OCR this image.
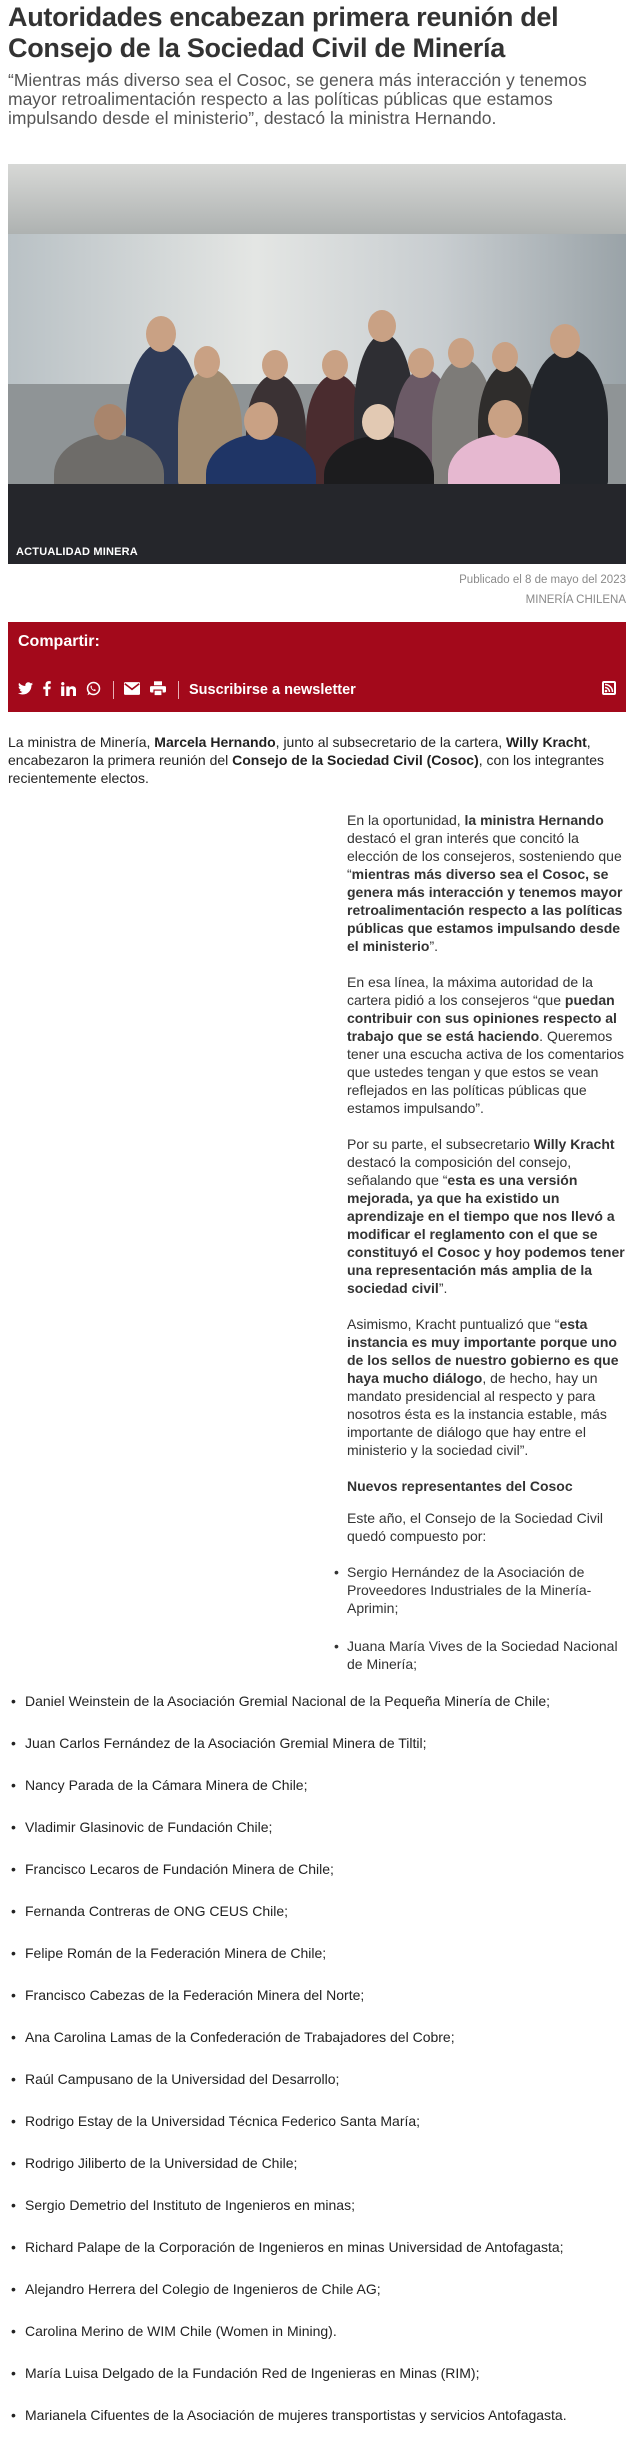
Autoridades encabezan primera reunión del Consejo de la Sociedad Civil de Minería

“Mientras más diverso sea el Cosoc, se genera más interacción y tenemos mayor retroalimentación respecto a las políticas públicas que estamos impulsando desde el ministerio”, destacó la ministra Hernando.

ACTUALIDAD MINERA
Publicado el 8 de mayo del 2023
MINERÍA CHILENA
Compartir:
Suscribirse a newsletter

La ministra de Minería, Marcela Hernando, junto al subsecretario de la cartera, Willy Kracht, encabezaron la primera reunión del Consejo de la Sociedad Civil (Cosoc), con los integrantes recientemente electos.

En la oportunidad, la ministra Hernando destacó el gran interés que concitó la elección de los consejeros, sosteniendo que “mientras más diverso sea el Cosoc, se genera más interacción y tenemos mayor retroalimentación respecto a las políticas públicas que estamos impulsando desde el ministerio”.

En esa línea, la máxima autoridad de la cartera pidió a los consejeros “que puedan contribuir con sus opiniones respecto al trabajo que se está haciendo. Queremos tener una escucha activa de los comentarios que ustedes tengan y que estos se vean reflejados en las políticas públicas que estamos impulsando”.

Por su parte, el subsecretario Willy Kracht destacó la composición del consejo, señalando que “esta es una versión mejorada, ya que ha existido un aprendizaje en el tiempo que nos llevó a modificar el reglamento con el que se constituyó el Cosoc y hoy podemos tener una representación más amplia de la sociedad civil”.

Asimismo, Kracht puntualizó que “esta instancia es muy importante porque uno de los sellos de nuestro gobierno es que haya mucho diálogo, de hecho, hay un mandato presidencial al respecto y para nosotros ésta es la instancia estable, más importante de diálogo que hay entre el ministerio y la sociedad civil”.

Nuevos representantes del Cosoc

Este año, el Consejo de la Sociedad Civil quedó compuesto por:

• Sergio Hernández de la Asociación de Proveedores Industriales de la Minería-Aprimin;
• Juana María Vives de la Sociedad Nacional de Minería;
• Daniel Weinstein de la Asociación Gremial Nacional de la Pequeña Minería de Chile;
• Juan Carlos Fernández de la Asociación Gremial Minera de Tiltil;
• Nancy Parada de la Cámara Minera de Chile;
• Vladimir Glasinovic de Fundación Chile;
• Francisco Lecaros de Fundación Minera de Chile;
• Fernanda Contreras de ONG CEUS Chile;
• Felipe Román de la Federación Minera de Chile;
• Francisco Cabezas de la Federación Minera del Norte;
• Ana Carolina Lamas de la Confederación de Trabajadores del Cobre;
• Raúl Campusano de la Universidad del Desarrollo;
• Rodrigo Estay de la Universidad Técnica Federico Santa María;
• Rodrigo Jiliberto de la Universidad de Chile;
• Sergio Demetrio del Instituto de Ingenieros en minas;
• Richard Palape de la Corporación de Ingenieros en minas Universidad de Antofagasta;
• Alejandro Herrera del Colegio de Ingenieros de Chile AG;
• Carolina Merino de WIM Chile (Women in Mining).
• María Luisa Delgado de la Fundación Red de Ingenieras en Minas (RIM);
• Marianela Cifuentes de la Asociación de mujeres transportistas y servicios Antofagasta.
